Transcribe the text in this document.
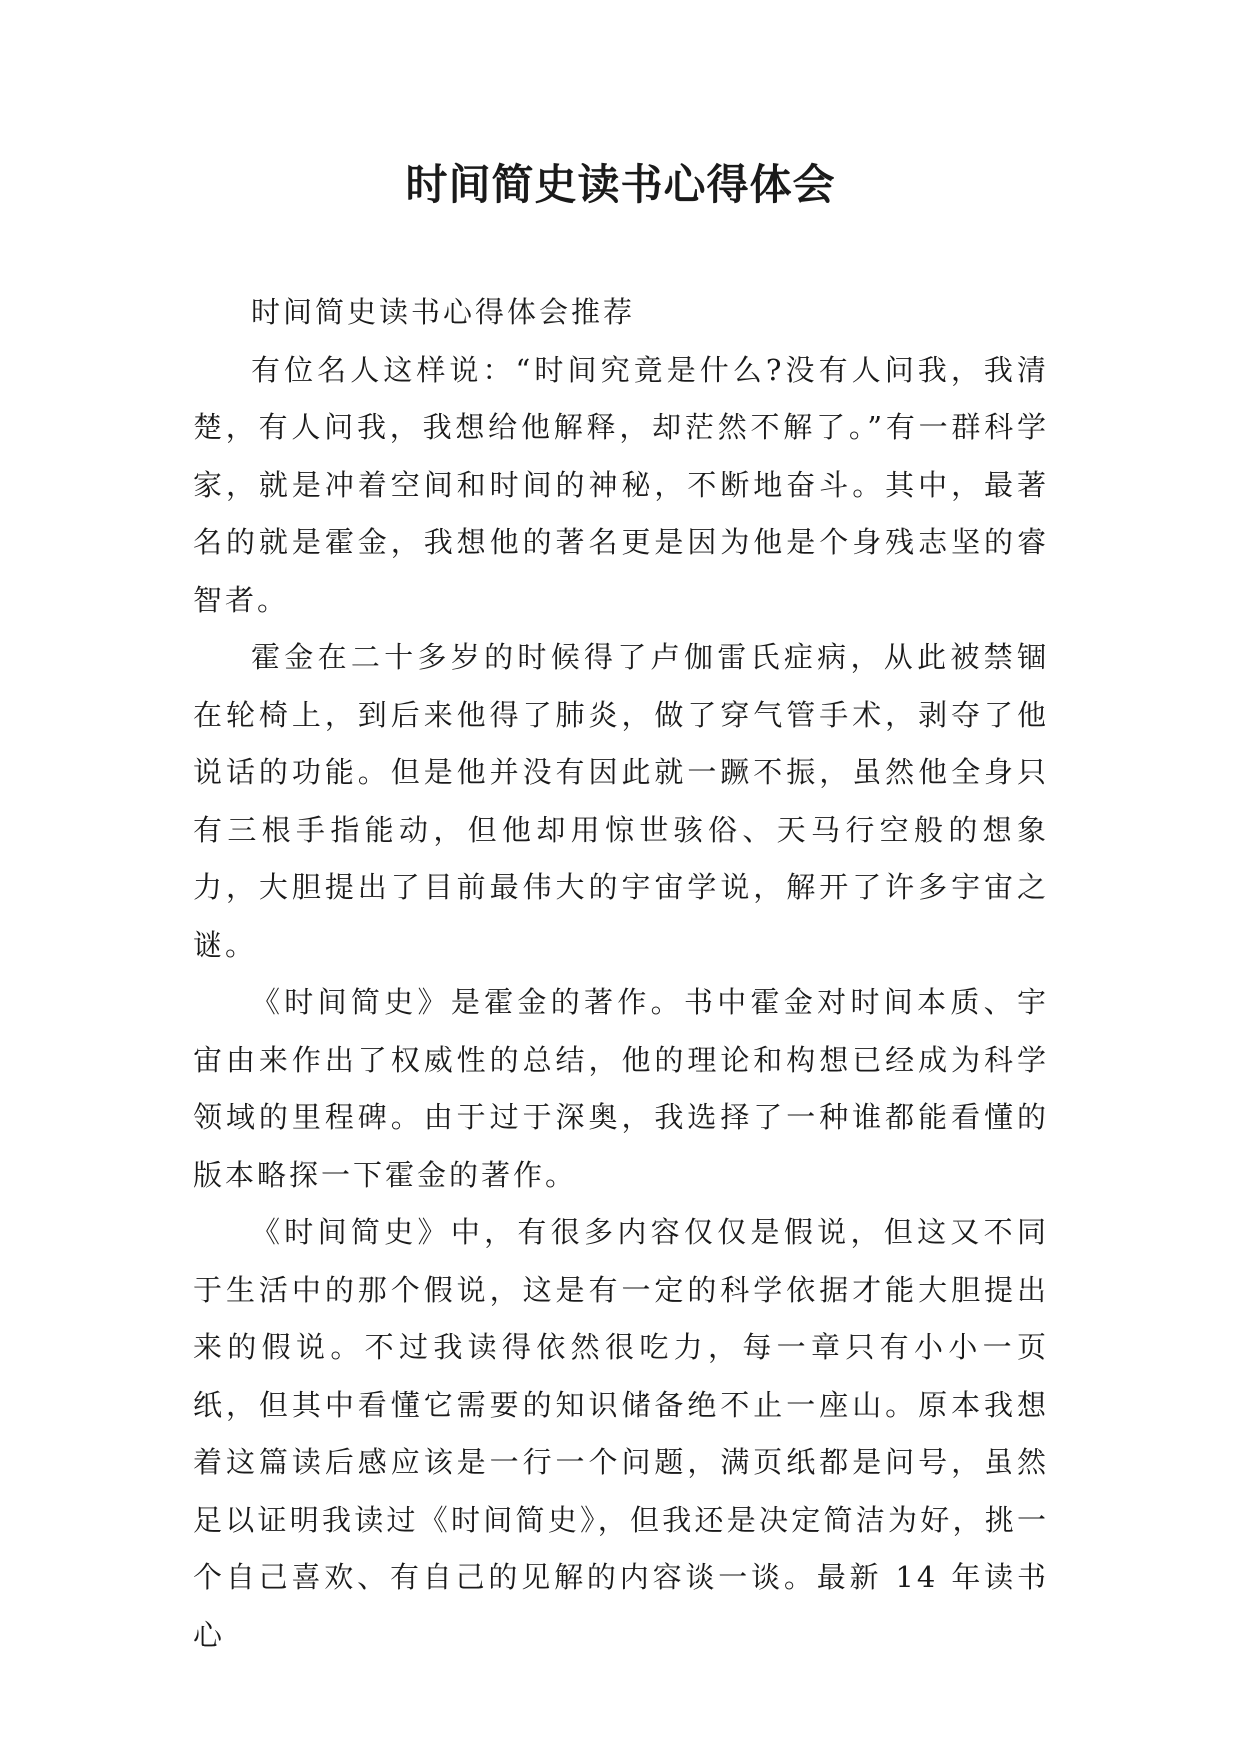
时间简史读书心得体会

时间简史读书心得体会推荐

有位名人这样说：“时间究竟是什么?没有人问我，我清楚，有人问我，我想给他解释，却茫然不解了。”有一群科学家，就是冲着空间和时间的神秘，不断地奋斗。其中，最著名的就是霍金，我想他的著名更是因为他是个身残志坚的睿智者。

霍金在二十多岁的时候得了卢伽雷氏症病，从此被禁锢在轮椅上，到后来他得了肺炎，做了穿气管手术，剥夺了他说话的功能。但是他并没有因此就一蹶不振，虽然他全身只有三根手指能动，但他却用惊世骇俗、天马行空般的想象力，大胆提出了目前最伟大的宇宙学说，解开了许多宇宙之谜。

《时间简史》是霍金的著作。书中霍金对时间本质、宇宙由来作出了权威性的总结，他的理论和构想已经成为科学领域的里程碑。由于过于深奥，我选择了一种谁都能看懂的版本略探一下霍金的著作。

《时间简史》中，有很多内容仅仅是假说，但这又不同于生活中的那个假说，这是有一定的科学依据才能大胆提出来的假说。不过我读得依然很吃力，每一章只有小小一页纸，但其中看懂它需要的知识储备绝不止一座山。原本我想着这篇读后感应该是一行一个问题，满页纸都是问号，虽然足以证明我读过《时间简史》，但我还是决定简洁为好，挑一个自己喜欢、有自己的见解的内容谈一谈。最新 14 年读书心
